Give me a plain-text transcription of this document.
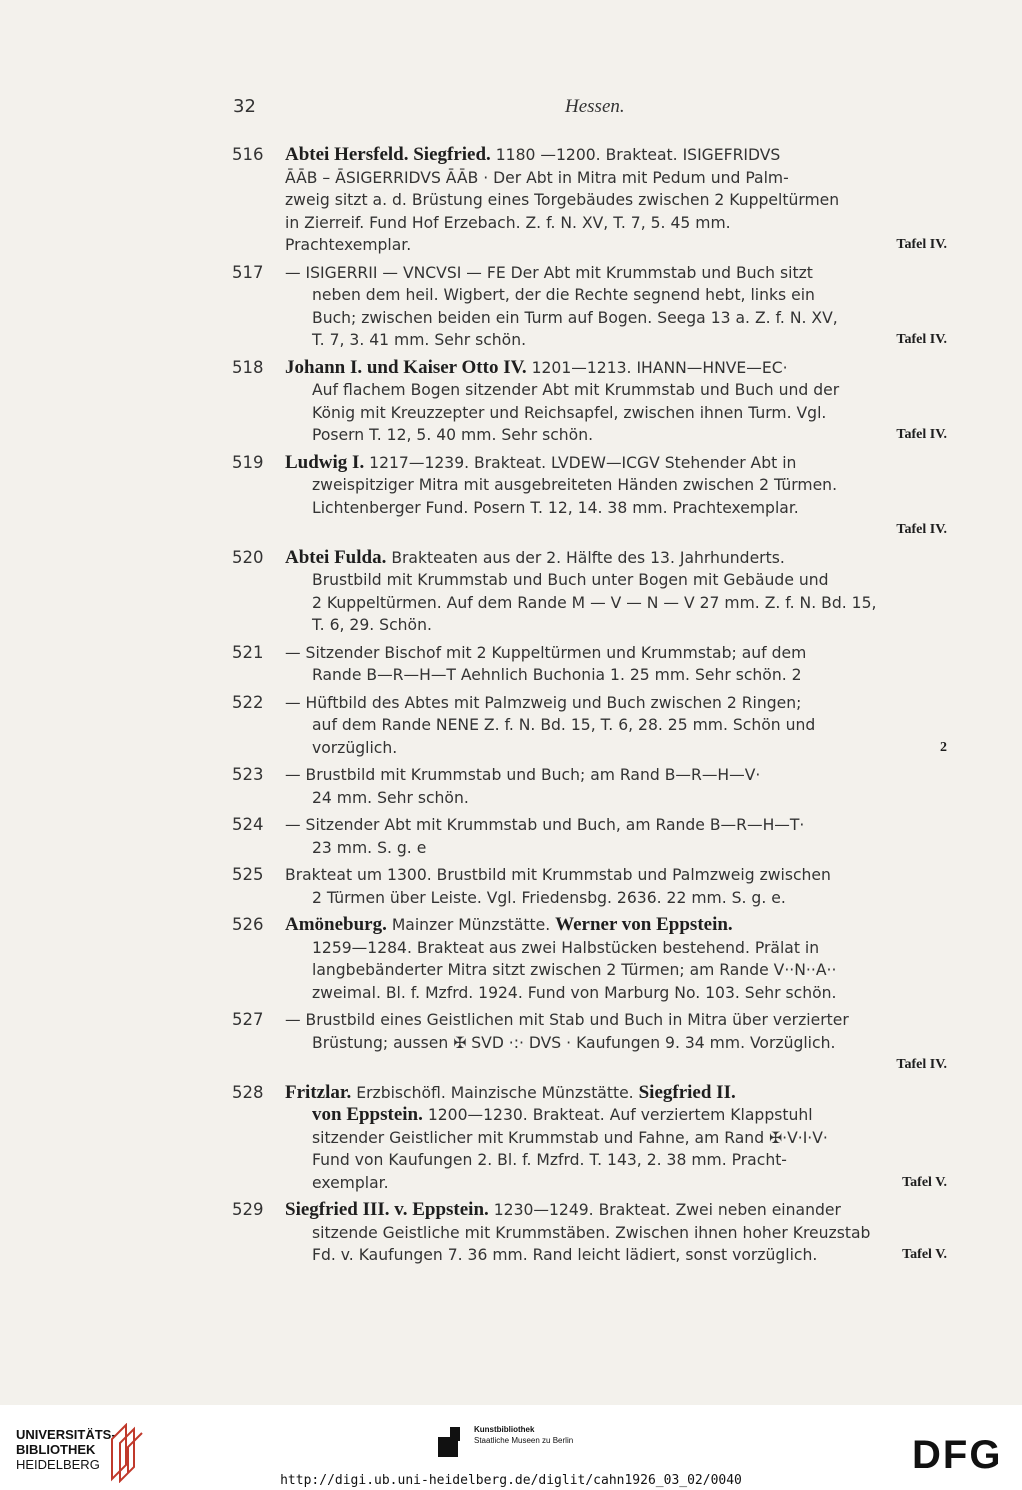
32	Hessen.
516 Abtei Hersfeld. Siegfried. 1180 —1200. Brakteat. ISIGEFRIDVS
ĀĀB – ĀSIGERRIDVS ĀĀB · Der Abt in Mitra mit Pedum und Palm-
zweig sitzt a. d. Brüstung eines Torgebäudes zwischen 2 Kuppeltürmen
in Zierreif. Fund Hof Erzebach. Z. f. N. XV, T. 7, 5. 45 mm.
Tafel IV.
Prachtexemplar.
517 — ISIGERRII — VNCVSI — FE Der Abt mit Krummstab und Buch sitzt
neben dem heil. Wigbert, der die Rechte segnend hebt, links ein
Buch; zwischen beiden ein Turm auf Bogen. Seega 13 a. Z. f. N. XV,
Tafel IV.
T. 7, 3. 41 mm. Sehr schön.
518 Johann I. und Kaiser Otto IV. 1201—1213. IHANN—HNVE—EC·
Auf flachem Bogen sitzender Abt mit Krummstab und Buch und der
König mit Kreuzzepter und Reichsapfel, zwischen ihnen Turm. Vgl.
Tafel IV.
Posern T. 12, 5. 40 mm. Sehr schön.
519 Ludwig I. 1217—1239. Brakteat. LVDEW—ICGV Stehender Abt in
zweispitziger Mitra mit ausgebreiteten Händen zwischen 2 Türmen.
Lichtenberger Fund. Posern T. 12, 14. 38 mm. Prachtexemplar.
Tafel IV.
520 Abtei Fulda. Brakteaten aus der 2. Hälfte des 13. Jahrhunderts.
Brustbild mit Krummstab und Buch unter Bogen mit Gebäude und
2 Kuppeltürmen. Auf dem Rande M — V — N — V 27 mm. Z. f. N. Bd. 15,
T. 6, 29. Schön.
521 — Sitzender Bischof mit 2 Kuppeltürmen und Krummstab; auf dem
Rande B—R—H—T Aehnlich Buchonia 1. 25 mm. Sehr schön. 2
522 — Hüftbild des Abtes mit Palmzweig und Buch zwischen 2 Ringen;
auf dem Rande NENE Z. f. N. Bd. 15, T. 6, 28. 25 mm. Schön und
2
vorzüglich.
523 — Brustbild mit Krummstab und Buch; am Rand B—R—H—V·
24 mm. Sehr schön.
524 — Sitzender Abt mit Krummstab und Buch, am Rande B—R—H—T·
23 mm. S. g. e
525 Brakteat um 1300. Brustbild mit Krummstab und Palmzweig zwischen
2 Türmen über Leiste. Vgl. Friedensbg. 2636. 22 mm. S. g. e.
526 Amöneburg. Mainzer Münzstätte. Werner von Eppstein.
1259—1284. Brakteat aus zwei Halbstücken bestehend. Prälat in
langbebänderter Mitra sitzt zwischen 2 Türmen; am Rande V··N··A··
zweimal. Bl. f. Mzfrd. 1924. Fund von Marburg No. 103. Sehr schön.
527 — Brustbild eines Geistlichen mit Stab und Buch in Mitra über verzierter
Brüstung; aussen ✠ SVD ·:· DVS · Kaufungen 9. 34 mm. Vorzüglich.
Tafel IV.
528 Fritzlar. Erzbischöfl. Mainzische Münzstätte. Siegfried II.
von Eppstein. 1200—1230. Brakteat. Auf verziertem Klappstuhl
sitzender Geistlicher mit Krummstab und Fahne, am Rand ✠·V·I·V·
Fund von Kaufungen 2. Bl. f. Mzfrd. T. 143, 2. 38 mm. Pracht-
Tafel V.
exemplar.
529 Siegfried III. v. Eppstein. 1230—1249. Brakteat. Zwei neben einander
sitzende Geistliche mit Krummstäben. Zwischen ihnen hoher Kreuzstab
Tafel V.
Fd. v. Kaufungen 7. 36 mm. Rand leicht lädiert, sonst vorzüglich.
UNIVERSITÄTS-
BIBLIOTHEK
HEIDELBERG
Kunstbibliothek
Staatliche Museen zu Berlin	DFG
http://digi.ub.uni-heidelberg.de/diglit/cahn1926_03_02/0040
